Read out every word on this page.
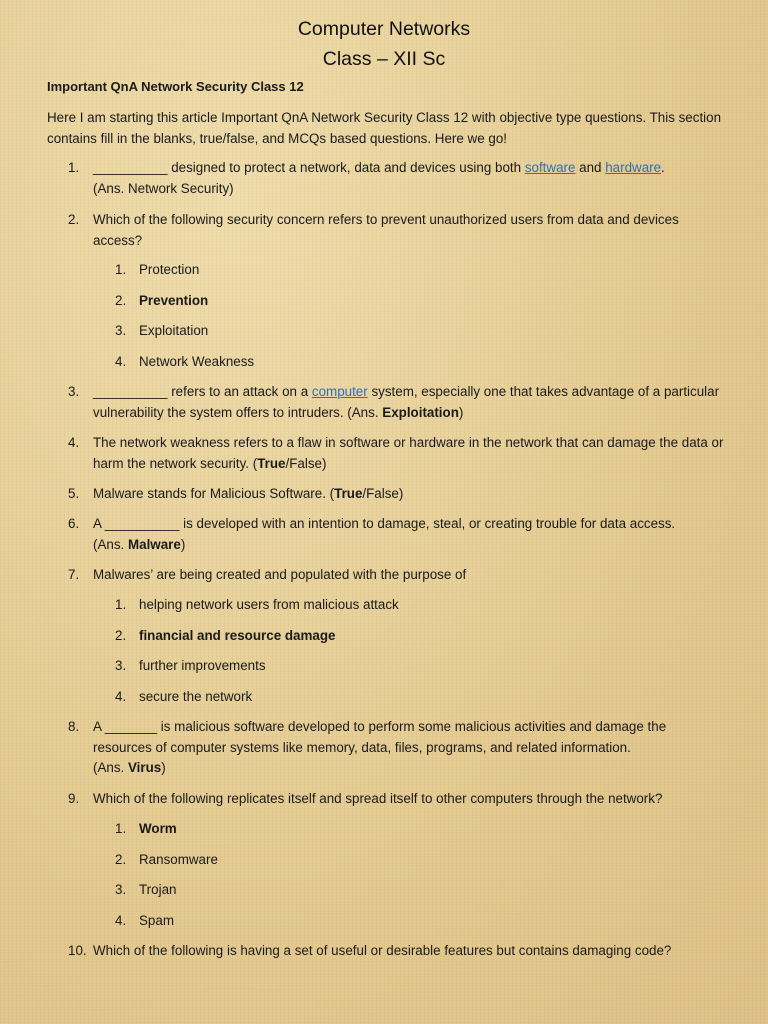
Computer Networks
Class – XII Sc
Important QnA Network Security Class 12
Here I am starting this article Important QnA Network Security Class 12 with objective type questions. This section contains fill in the blanks, true/false, and MCQs based questions. Here we go!
1.	__________ designed to protect a network, data and devices using both software and hardware.
(Ans. Network Security)
2.	Which of the following security concern refers to prevent unauthorized users from data and devices access?
1. Protection
2. Prevention
3. Exploitation
4. Network Weakness
3.	__________ refers to an attack on a computer system, especially one that takes advantage of a particular vulnerability the system offers to intruders. (Ans. Exploitation)
4.	The network weakness refers to a flaw in software or hardware in the network that can damage the data or harm the network security. (True/False)
5.	Malware stands for Malicious Software. (True/False)
6.	A __________ is developed with an intention to damage, steal, or creating trouble for data access.
(Ans. Malware)
7.	Malwares’ are being created and populated with the purpose of
1. helping network users from malicious attack
2. financial and resource damage
3. further improvements
4. secure the network
8.	A _______ is malicious software developed to perform some malicious activities and damage the resources of computer systems like memory, data, files, programs, and related information.
(Ans. Virus)
9.	Which of the following replicates itself and spread itself to other computers through the network?
1. Worm
2. Ransomware
3. Trojan
4. Spam
10. Which of the following is having a set of useful or desirable features but contains damaging code?
